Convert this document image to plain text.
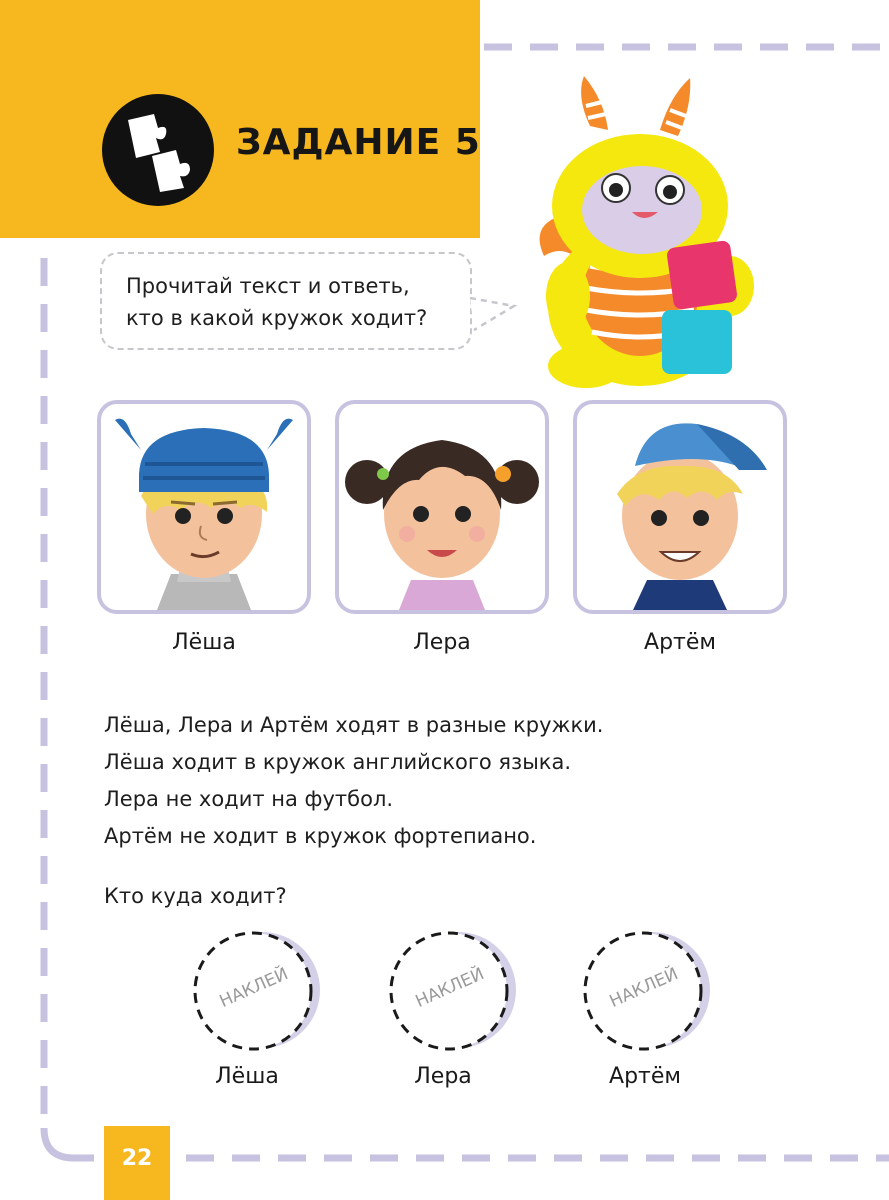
ЗАДАНИЕ 5
Прочитай текст и ответь,
кто в какой кружок ходит?
Лёша	Лера	Артём
Лёша, Лера и Артём ходят в разные кружки.
Лёша ходит в кружок английского языка.
Лера не ходит на футбол.
Артём не ходит в кружок фортепиано.
Кто куда ходит?
НАКЛЕЙ	НАКЛЕЙ	НАКЛЕЙ
Лёша	Лера	Артём
22
